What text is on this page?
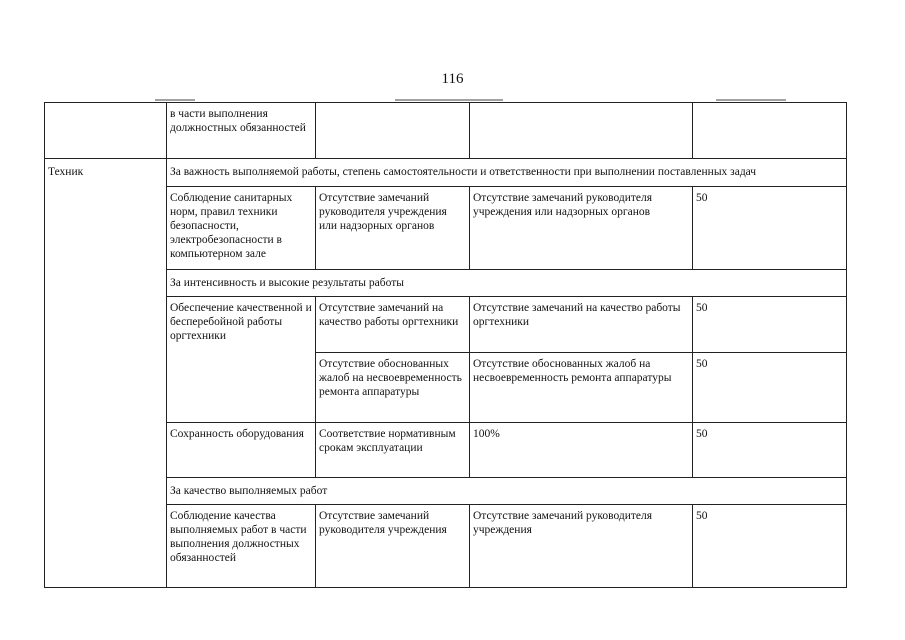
116
	в части выполнения должностных обязанностей			
Техник	За важность выполняемой работы, степень самостоятельности и ответственности при выполнении поставленных задач			
	Соблюдение санитарных норм, правил техники безопасности, электробезопасности в компьютерном зале	Отсутствие замечаний руководителя учреждения или надзорных органов	Отсутствие замечаний руководителя учреждения или надзорных органов	50
	За интенсивность и высокие результаты работы			
	Обеспечение качественной и бесперебойной работы оргтехники	Отсутствие замечаний на качество работы оргтехники	Отсутствие замечаний на качество работы оргтехники	50
		Отсутствие обоснованных жалоб на несвоевременность ремонта аппаратуры	Отсутствие обоснованных жалоб на несвоевременность ремонта аппаратуры	50
	Сохранность оборудования	Соответствие нормативным срокам эксплуатации	100%	50
	За качество выполняемых работ			
	Соблюдение качества выполняемых работ в части выполнения должностных обязанностей	Отсутствие замечаний руководителя учреждения	Отсутствие замечаний руководителя учреждения	50
